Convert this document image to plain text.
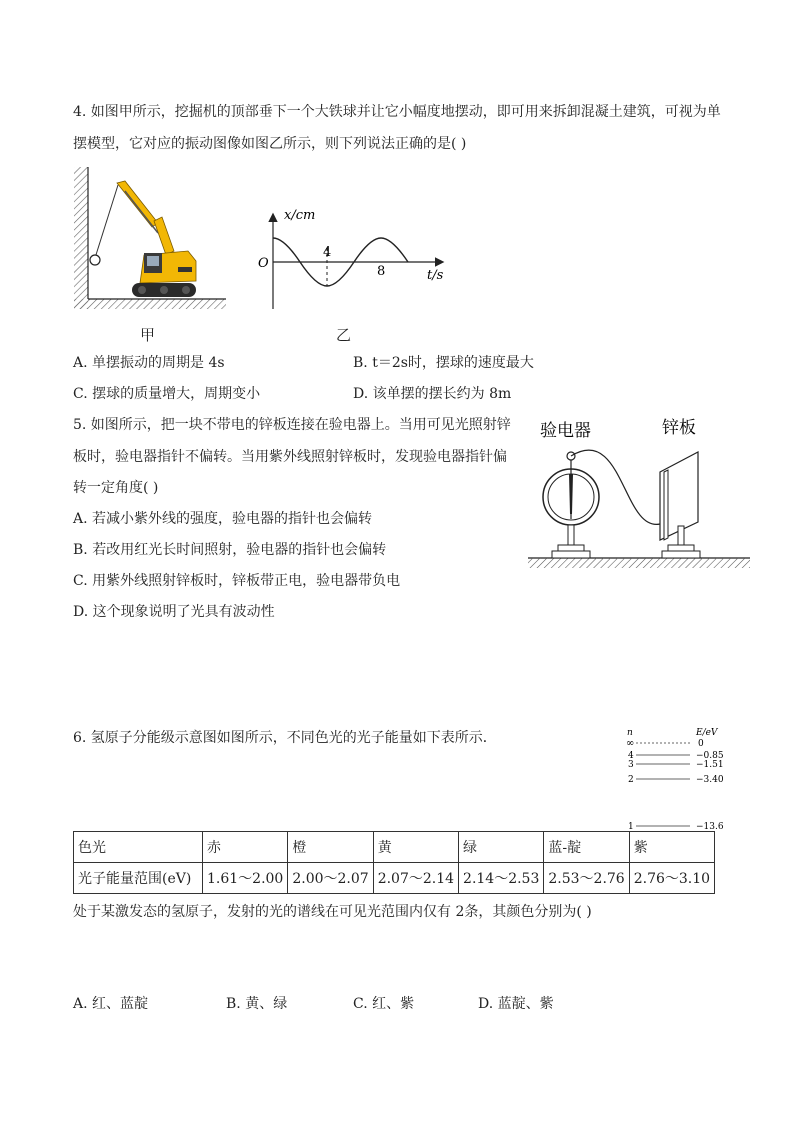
4. 如图甲所示，挖掘机的顶部垂下一个大铁球并让它小幅度地摆动，即可用来拆卸混凝土建筑，可视为单
摆模型，它对应的振动图像如图乙所示，则下列说法正确的是( )
甲
x/cm
O
4
8	t/s
乙
A. 单摆振动的周期是 4s	B. t＝2s时，摆球的速度最大
C. 摆球的质量增大，周期变小	D. 该单摆的摆长约为 8m
5. 如图所示，把一块不带电的锌板连接在验电器上。当用可见光照射锌
板时，验电器指针不偏转。当用紫外线照射锌板时，发现验电器指针偏
转一定角度( )
A. 若减小紫外线的强度，验电器的指针也会偏转
B. 若改用红光长时间照射，验电器的指针也会偏转
C. 用紫外线照射锌板时，锌板带正电，验电器带负电
D. 这个现象说明了光具有波动性
验电器	锌板
6. 氢原子分能级示意图如图所示，不同色光的光子能量如下表所示．	n	E/eV
∞	0
4	−0.85
3	−1.51
2	−3.40
1	−13.6
色光	赤	橙	黄	绿	蓝-靛	紫
光子能量范围(eV)	1.61～2.00	2.00～2.07	2.07～2.14	2.14～2.53	2.53～2.76	2.76～3.10
处于某激发态的氢原子，发射的光的谱线在可见光范围内仅有 2条，其颜色分别为( )
A. 红、蓝靛	B. 黄、绿	C. 红、紫	D. 蓝靛、紫
